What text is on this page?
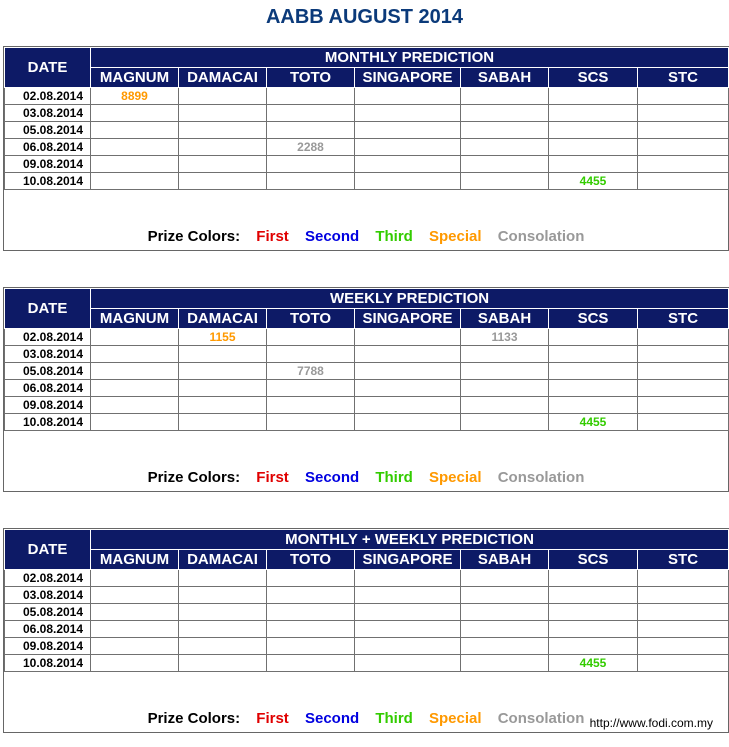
AABB AUGUST 2014
DATE	MONTHLY PREDICTION						
	MAGNUM	DAMACAI	TOTO	SINGAPORE	SABAH	SCS	STC
02.08.2014	8899						
03.08.2014							
05.08.2014							
06.08.2014			2288				
09.08.2014							
10.08.2014						4455	
Prize Colors: First Second Third Special Consolation
DATE	WEEKLY PREDICTION						
	MAGNUM	DAMACAI	TOTO	SINGAPORE	SABAH	SCS	STC
02.08.2014		1155			1133		
03.08.2014							
05.08.2014			7788				
06.08.2014							
09.08.2014							
10.08.2014						4455	
Prize Colors: First Second Third Special Consolation
DATE	MONTHLY + WEEKLY PREDICTION						
	MAGNUM	DAMACAI	TOTO	SINGAPORE	SABAH	SCS	STC
02.08.2014							
03.08.2014							
05.08.2014							
06.08.2014							
09.08.2014							
10.08.2014						4455	
Prize Colors: First Second Third Special Consolation http://www.fodi.com.my
